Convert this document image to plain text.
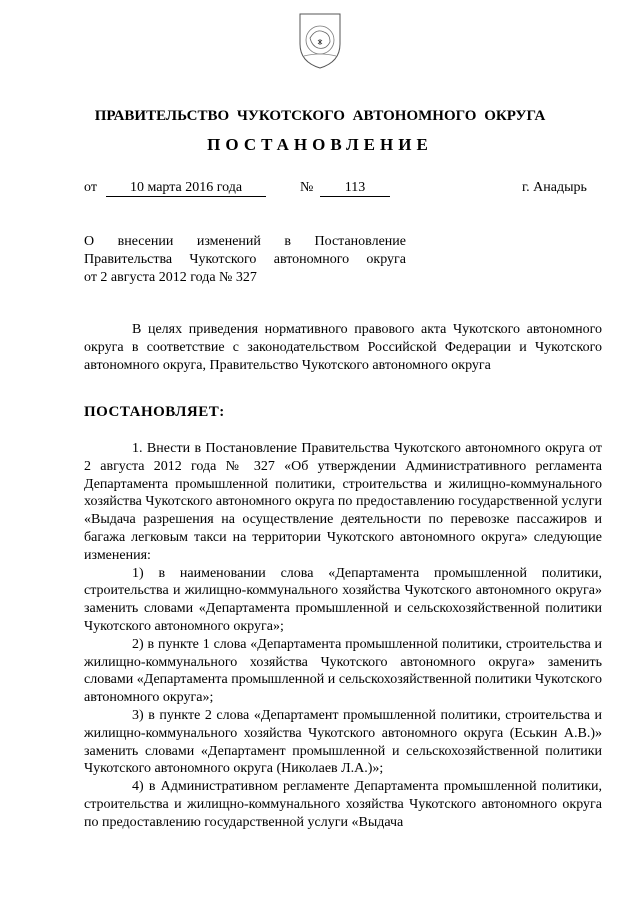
ПРАВИТЕЛЬСТВО ЧУКОТСКОГО АВТОНОМНОГО ОКРУГА
ПОСТАНОВЛЕНИЕ
от	10 марта 2016 года	№	113	г. Анадырь
О внесении изменений в Постановление
Правительства Чукотского автономного округа
от 2 августа 2012 года № 327

В целях приведения нормативного правового акта Чукотского автономного округа в соответствие с законодательством Российской Федерации и Чукотского автономного округа, Правительство Чукотского автономного округа

ПОСТАНОВЛЯЕТ:

1. Внести в Постановление Правительства Чукотского автономного округа от 2 августа 2012 года № 327 «Об утверждении Административного регламента Департамента промышленной политики, строительства и жилищно-коммунального хозяйства Чукотского автономного округа по предоставлению государственной услуги «Выдача разрешения на осуществление деятельности по перевозке пассажиров и багажа легковым такси на территории Чукотского автономного округа» следующие изменения:

1) в наименовании слова «Департамента промышленной политики, строительства и жилищно-коммунального хозяйства Чукотского автономного округа» заменить словами «Департамента промышленной и сельскохозяйственной политики Чукотского автономного округа»;

2) в пункте 1 слова «Департамента промышленной политики, строительства и жилищно-коммунального хозяйства Чукотского автономного округа» заменить словами «Департамента промышленной и сельскохозяйственной политики Чукотского автономного округа»;

3) в пункте 2 слова «Департамент промышленной политики, строительства и жилищно-коммунального хозяйства Чукотского автономного округа (Еськин А.В.)» заменить словами «Департамент промышленной и сельскохозяйственной политики Чукотского автономного округа (Николаев Л.А.)»;

4) в Административном регламенте Департамента промышленной политики, строительства и жилищно-коммунального хозяйства Чукотского автономного округа по предоставлению государственной услуги «Выдача
